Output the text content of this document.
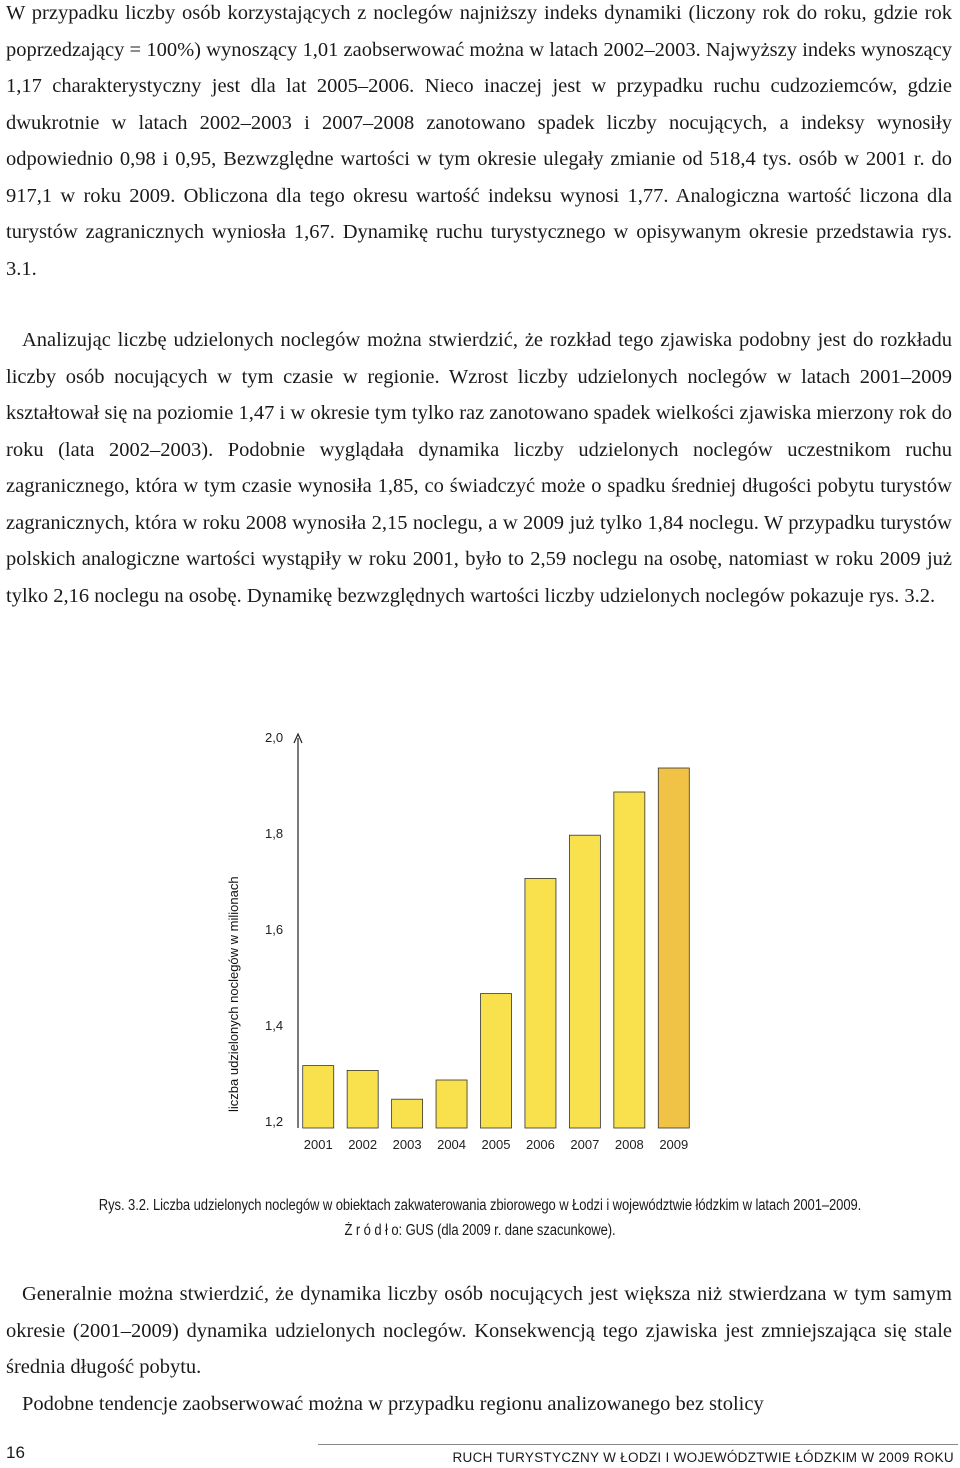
W przypadku liczby osób korzystających z noclegów najniższy indeks dynamiki (liczony rok do roku, gdzie rok poprzedzający = 100%) wynoszący 1,01 zaobserwować można w latach 2002–2003. Najwyższy indeks wynoszący 1,17 charakterystyczny jest dla lat 2005–2006. Nieco inaczej jest w przypadku ruchu cudzoziemców, gdzie dwukrotnie w latach 2002–2003 i 2007–2008 zanotowano spadek liczby nocujących, a indeksy wynosiły odpowiednio 0,98 i 0,95, Bezwzględne wartości w tym okresie ulegały zmianie od 518,4 tys. osób w 2001 r. do 917,1 w roku 2009. Obliczona dla tego okresu wartość indeksu wynosi 1,77. Analogiczna wartość liczona dla turystów zagranicznych wyniosła 1,67. Dynamikę ruchu turystycznego w opisywanym okresie przedstawia rys. 3.1.

Analizując liczbę udzielonych noclegów można stwierdzić, że rozkład tego zjawiska podobny jest do rozkładu liczby osób nocujących w tym czasie w regionie. Wzrost liczby udzielonych noclegów w latach 2001–2009 kształtował się na poziomie 1,47 i w okresie tym tylko raz zanotowano spadek wielkości zjawiska mierzony rok do roku (lata 2002–2003). Podobnie wyglądała dynamika liczby udzielonych noclegów uczestnikom ruchu zagranicznego, która w tym czasie wynosiła 1,85, co świadczyć może o spadku średniej długości pobytu turystów zagranicznych, która w roku 2008 wynosiła 2,15 noclegu, a w 2009 już tylko 1,84 noclegu. W przypadku turystów polskich analogiczne wartości wystąpiły w roku 2001, było to 2,59 noclegu na osobę, natomiast w roku 2009 już tylko 2,16 noclegu na osobę. Dynamikę bezwzględnych wartości liczby udzielonych noclegów pokazuje rys. 3.2.

1,2
1,4
1,6
1,8
2,0
liczba udzielonych noclegów w milionach
2001 2002 2003 2004 2005 2006 2007 2008 2009
Rys. 3.2. Liczba udzielonych noclegów w obiektach zakwaterowania zbiorowego w Łodzi i województwie łódzkim w latach 2001–2009.
Ź r ó d ł o: GUS (dla 2009 r. dane szacunkowe).

Generalnie można stwierdzić, że dynamika liczby osób nocujących jest większa niż stwierdzana w tym samym okresie (2001–2009) dynamika udzielonych noclegów. Konsekwencją tego zjawiska jest zmniejszająca się stale średnia długość pobytu.

Podobne tendencje zaobserwować można w przypadku regionu analizowanego bez stolicy

16	RUCH TURYSTYCZNY W ŁODZI I WOJEWÓDZTWIE ŁÓDZKIM W 2009 ROKU
